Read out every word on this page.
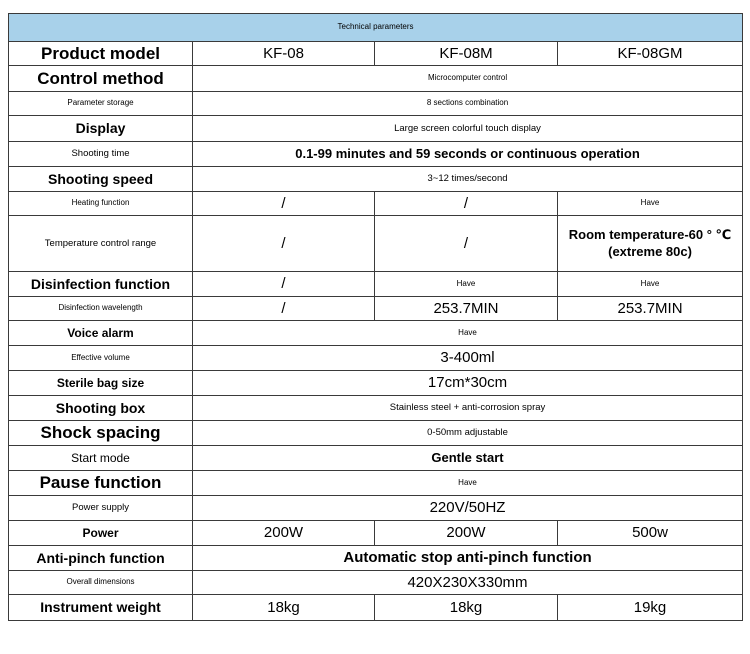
Technical parameters			
Product model	KF-08	KF-08M	KF-08GM
Control method	Microcomputer control		
Parameter storage	8 sections combination		
Display	Large screen colorful touch display		
Shooting time	0.1-99 minutes and 59 seconds or continuous operation		
Shooting speed	3~12 times/second		
Heating function	/	/	Have
Temperature control range	/	/	Room temperature-60 ° ℃ (extreme 80c)
Disinfection function	/	Have	Have
Disinfection wavelength	/	253.7MIN	253.7MIN
Voice alarm	Have		
Effective volume	3-400ml		
Sterile bag size	17cm*30cm		
Shooting box	Stainless steel + anti-corrosion spray		
Shock spacing	0-50mm adjustable		
Start mode	Gentle start		
Pause function	Have		
Power supply	220V/50HZ		
Power	200W	200W	500w
Anti-pinch function	Automatic stop anti-pinch function		
Overall dimensions	420X230X330mm		
Instrument weight	18kg	18kg	19kg
